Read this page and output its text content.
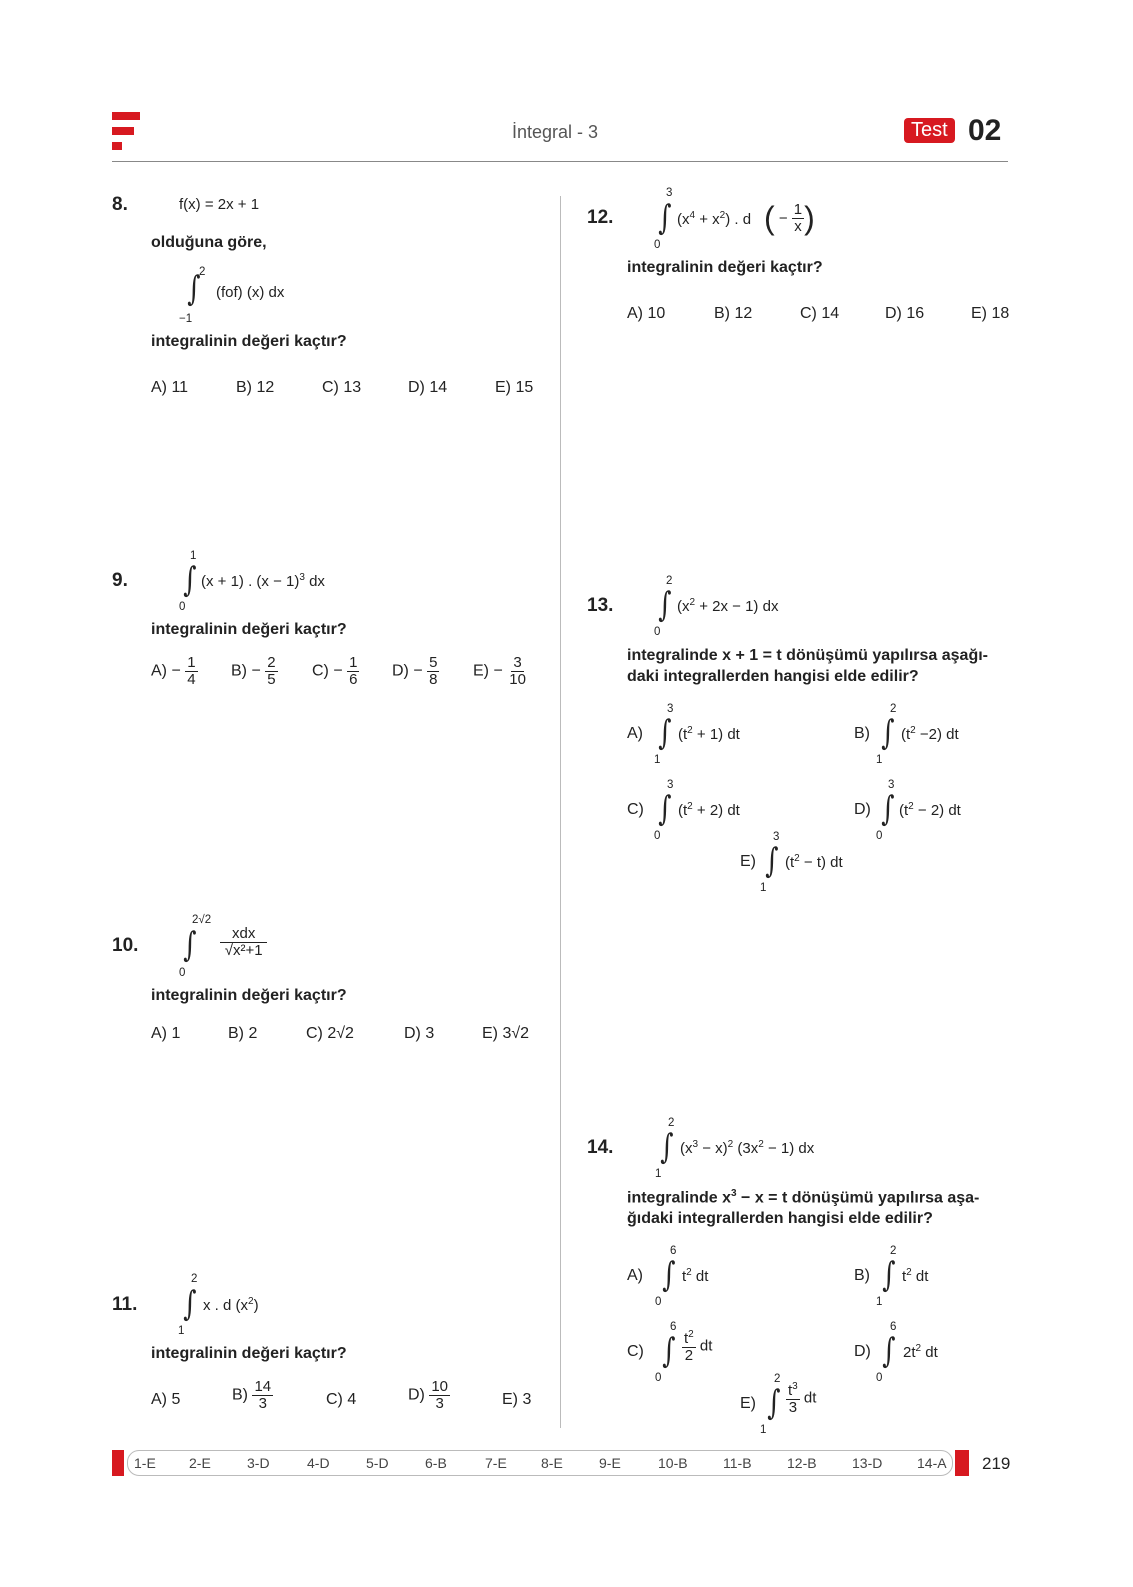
İntegral - 3	Test 02
8.	f(x) = 2x + 1
olduğuna göre,
∫
2
−1
(fof) (x) dx
integralinin değeri kaçtır?
A) 11	B) 12	C) 13	D) 14	E) 15
9. ∫
1
0
(x + 1) . $(x - 1)^3$ dx
integralinin değeri kaçtır?
$A) - \frac{1}{4} B) - \frac{2}{5} C) - \frac{1}{6} D) - \frac{5}{8} E) - \frac{3}{10}$
10. ∫
2√2
0
$\frac{\text{xdx}}{\text{√x²+1}}$
integralinin değeri kaçtır?
A) 1	B) 2	C) 2√2	D) 3	E) 3√2
11. ∫
2
1
x . d $(x^2)$
integralinin değeri kaçtır?
A) 5	$B) \frac{14}{3}$	C) 4	$D) \frac{10}{3}$	E) 3
12. ∫
3
0
$(x^4 + x^2)$ . d ( − $\frac{1}{x}$ )
integralinin değeri kaçtır?
A) 10	B) 12	C) 14	D) 16	E) 18
13. ∫
2
0
$(x^2 + 2x - 1)$ dx
integralinde x + 1 = t dönüşümü yapılırsa aşağı-
daki integrallerden hangisi elde edilir?
A) ∫
3
1
$(t^2 + 1)$ dt	B) ∫
2
1
$(t^2 -2)$ dt
C) ∫
3
0
$(t^2 + 2)$ dt	D) ∫
3
0
$(t^2 - 2)$ dt
E) ∫
3
1
$(t^2 - t)$ dt
14. ∫
2
1
$(x^3 - x)^2$ $(3x^2 - 1)$ dx
integralinde $x^3 - x = t$ dönüşümü yapılırsa aşa-
ğıdaki integrallerden hangisi elde edilir?
A) ∫
6
0
$t^2$ dt	B) ∫
2
1
$t^2$ dt
C) ∫
6
0
$\frac{t^2}{2}$ dt	D) ∫
6
0
$2t^2$ dt
E) ∫
2
1
$\frac{t^3}{3}$ dt
1-E 2-E	3-D	4-D	5-D	6-B	7-E 8-E	9-E	10-B	11-B	12-B	13-D 14-A 219
